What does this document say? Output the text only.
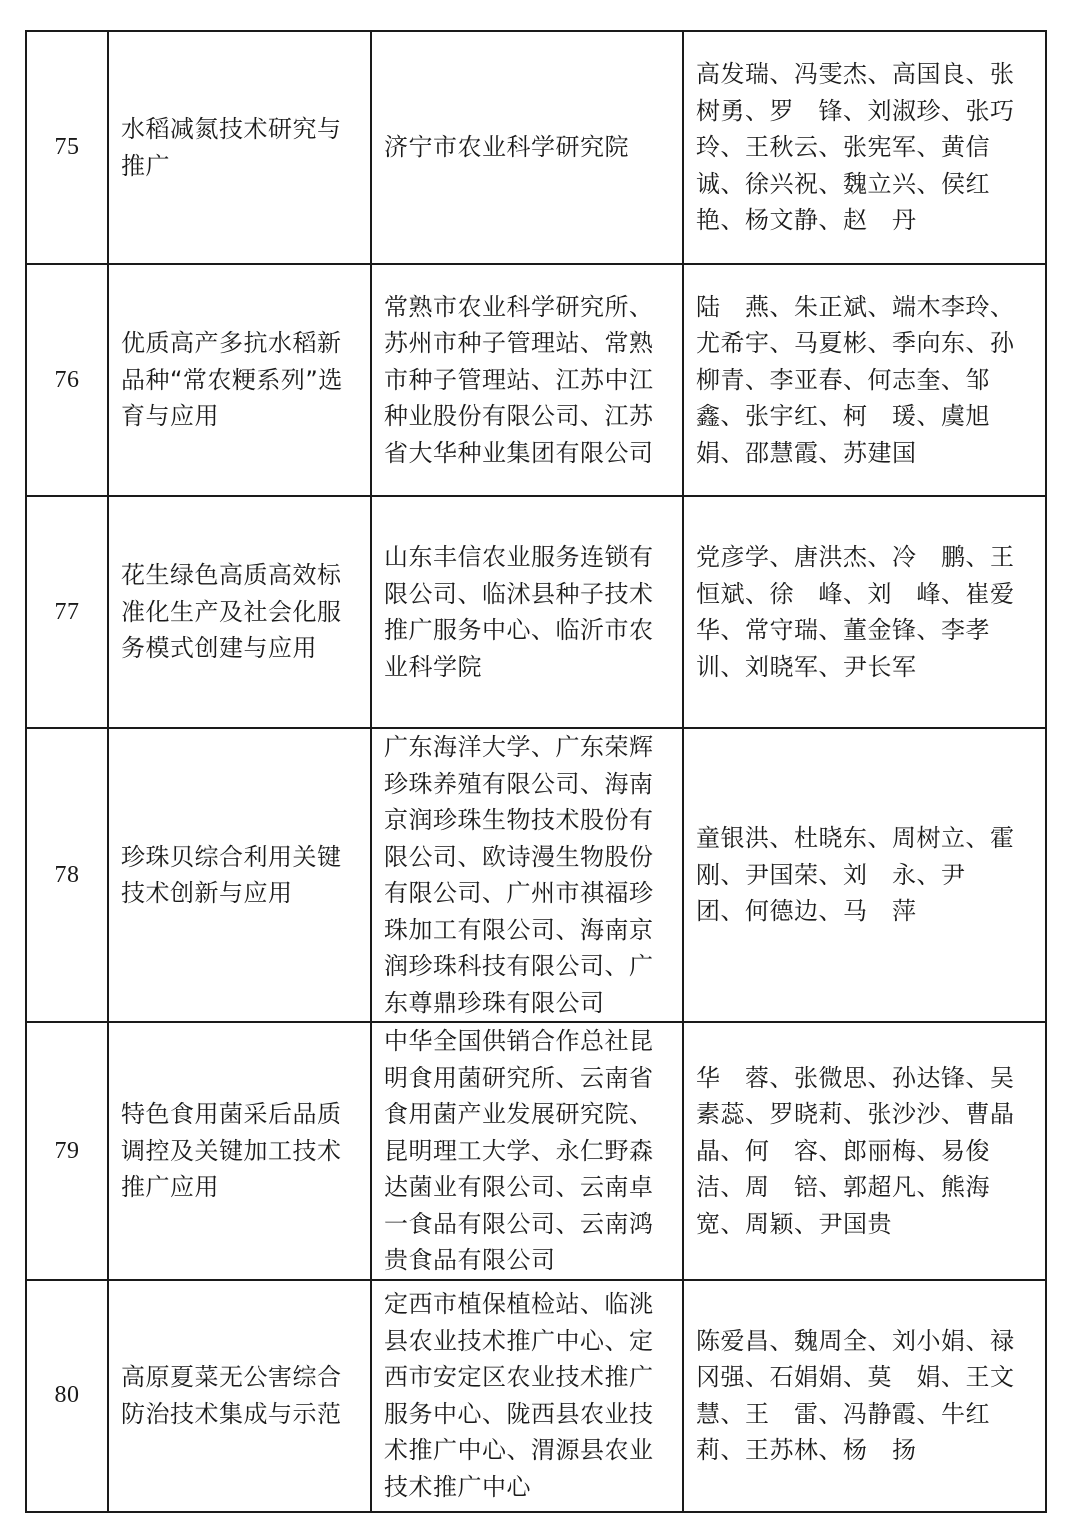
75	水稻减氮技术研究与推广	济宁市农业科学研究院	高发瑞、冯雯杰、高国良、张树勇、罗　锋、刘淑珍、张巧玲、王秋云、张宪军、黄信诚、徐兴祝、魏立兴、侯红艳、杨文静、赵　丹

76	优质高产多抗水稻新品种“常农粳系列”选育与应用	常熟市农业科学研究所、苏州市种子管理站、常熟市种子管理站、江苏中江种业股份有限公司、江苏省大华种业集团有限公司	陆　燕、朱正斌、端木李玲、尤希宇、马夏彬、季向东、孙柳青、李亚春、何志奎、邹　鑫、张宇红、柯　瑗、虞旭娟、邵慧霞、苏建国

77	花生绿色高质高效标准化生产及社会化服务模式创建与应用	山东丰信农业服务连锁有限公司、临沭县种子技术推广服务中心、临沂市农业科学院	党彦学、唐洪杰、冷　鹏、王恒斌、徐　峰、刘　峰、崔爱华、常守瑞、董金锋、李孝训、刘晓军、尹长军

78	珍珠贝综合利用关键技术创新与应用	广东海洋大学、广东荣辉珍珠养殖有限公司、海南京润珍珠生物技术股份有限公司、欧诗漫生物股份有限公司、广州市祺福珍珠加工有限公司、海南京润珍珠科技有限公司、广东尊鼎珍珠有限公司	童银洪、杜晓东、周树立、霍刚、尹国荣、刘　永、尹　团、何德边、马　萍

79	特色食用菌采后品质调控及关键加工技术推广应用	中华全国供销合作总社昆明食用菌研究所、云南省食用菌产业发展研究院、昆明理工大学、永仁野森达菌业有限公司、云南卓一食品有限公司、云南鸿贵食品有限公司	华　蓉、张微思、孙达锋、吴素蕊、罗晓莉、张沙沙、曹晶晶、何　容、郎丽梅、易俊洁、周　锫、郭超凡、熊海宽、周颖、尹国贵

80	高原夏菜无公害综合防治技术集成与示范	定西市植保植检站、临洮县农业技术推广中心、定西市安定区农业技术推广服务中心、陇西县农业技术推广中心、渭源县农业技术推广中心	陈爱昌、魏周全、刘小娟、禄冈强、石娟娟、莫　娟、王文慧、王　雷、冯静霞、牛红莉、王苏林、杨　扬
